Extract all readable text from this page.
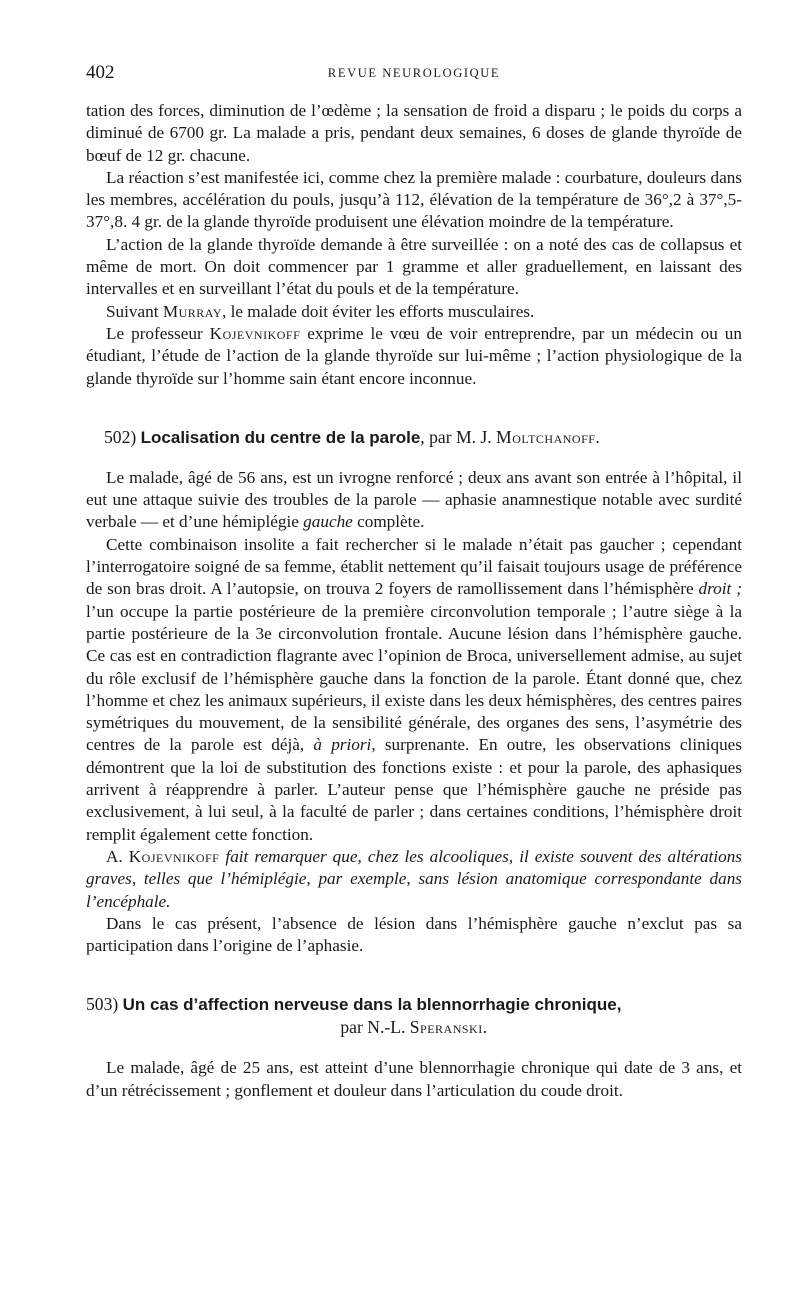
402	REVUE NEUROLOGIQUE

tation des forces, diminution de l’œdème ; la sensation de froid a disparu ; le poids du corps a diminué de 6700 gr. La malade a pris, pendant deux semaines, 6 doses de glande thyroïde de bœuf de 12 gr. chacune.

La réaction s’est manifestée ici, comme chez la première malade : courbature, douleurs dans les membres, accélération du pouls, jusqu’à 112, élévation de la température de 36°,2 à 37°,5-37°,8. 4 gr. de la glande thyroïde produisent une élévation moindre de la température.

L’action de la glande thyroïde demande à être surveillée : on a noté des cas de collapsus et même de mort. On doit commencer par 1 gramme et aller graduellement, en laissant des intervalles et en surveillant l’état du pouls et de la température.

Suivant Murray, le malade doit éviter les efforts musculaires.

Le professeur Kojevnikoff exprime le vœu de voir entreprendre, par un médecin ou un étudiant, l’étude de l’action de la glande thyroïde sur lui-même ; l’action physiologique de la glande thyroïde sur l’homme sain étant encore inconnue.

502) Localisation du centre de la parole, par M. J. Moltchanoff.

Le malade, âgé de 56 ans, est un ivrogne renforcé ; deux ans avant son entrée à l’hôpital, il eut une attaque suivie des troubles de la parole — aphasie anamnestique notable avec surdité verbale — et d’une hémiplégie gauche complète.

Cette combinaison insolite a fait rechercher si le malade n’était pas gaucher ; cependant l’interrogatoire soigné de sa femme, établit nettement qu’il faisait toujours usage de préférence de son bras droit. A l’autopsie, on trouva 2 foyers de ramollissement dans l’hémisphère droit ; l’un occupe la partie postérieure de la première circonvolution temporale ; l’autre siège à la partie postérieure de la 3e circonvolution frontale. Aucune lésion dans l’hémisphère gauche. Ce cas est en contradiction flagrante avec l’opinion de Broca, universellement admise, au sujet du rôle exclusif de l’hémisphère gauche dans la fonction de la parole. Étant donné que, chez l’homme et chez les animaux supérieurs, il existe dans les deux hémisphères, des centres paires symétriques du mouvement, de la sensibilité générale, des organes des sens, l’asymétrie des centres de la parole est déjà, à priori, surprenante. En outre, les observations cliniques démontrent que la loi de substitution des fonctions existe : et pour la parole, des aphasiques arrivent à réapprendre à parler. L’auteur pense que l’hémisphère gauche ne préside pas exclusivement, à lui seul, à la faculté de parler ; dans certaines conditions, l’hémisphère droit remplit également cette fonction.

A. Kojevnikoff fait remarquer que, chez les alcooliques, il existe souvent des altérations graves, telles que l’hémiplégie, par exemple, sans lésion anatomique correspondante dans l’encéphale.

Dans le cas présent, l’absence de lésion dans l’hémisphère gauche n’exclut pas sa participation dans l’origine de l’aphasie.

503) Un cas d’affection nerveuse dans la blennorrhagie chronique,
par N.-L. Speranski.

Le malade, âgé de 25 ans, est atteint d’une blennorrhagie chronique qui date de 3 ans, et d’un rétrécissement ; gonflement et douleur dans l’articulation du coude droit.
